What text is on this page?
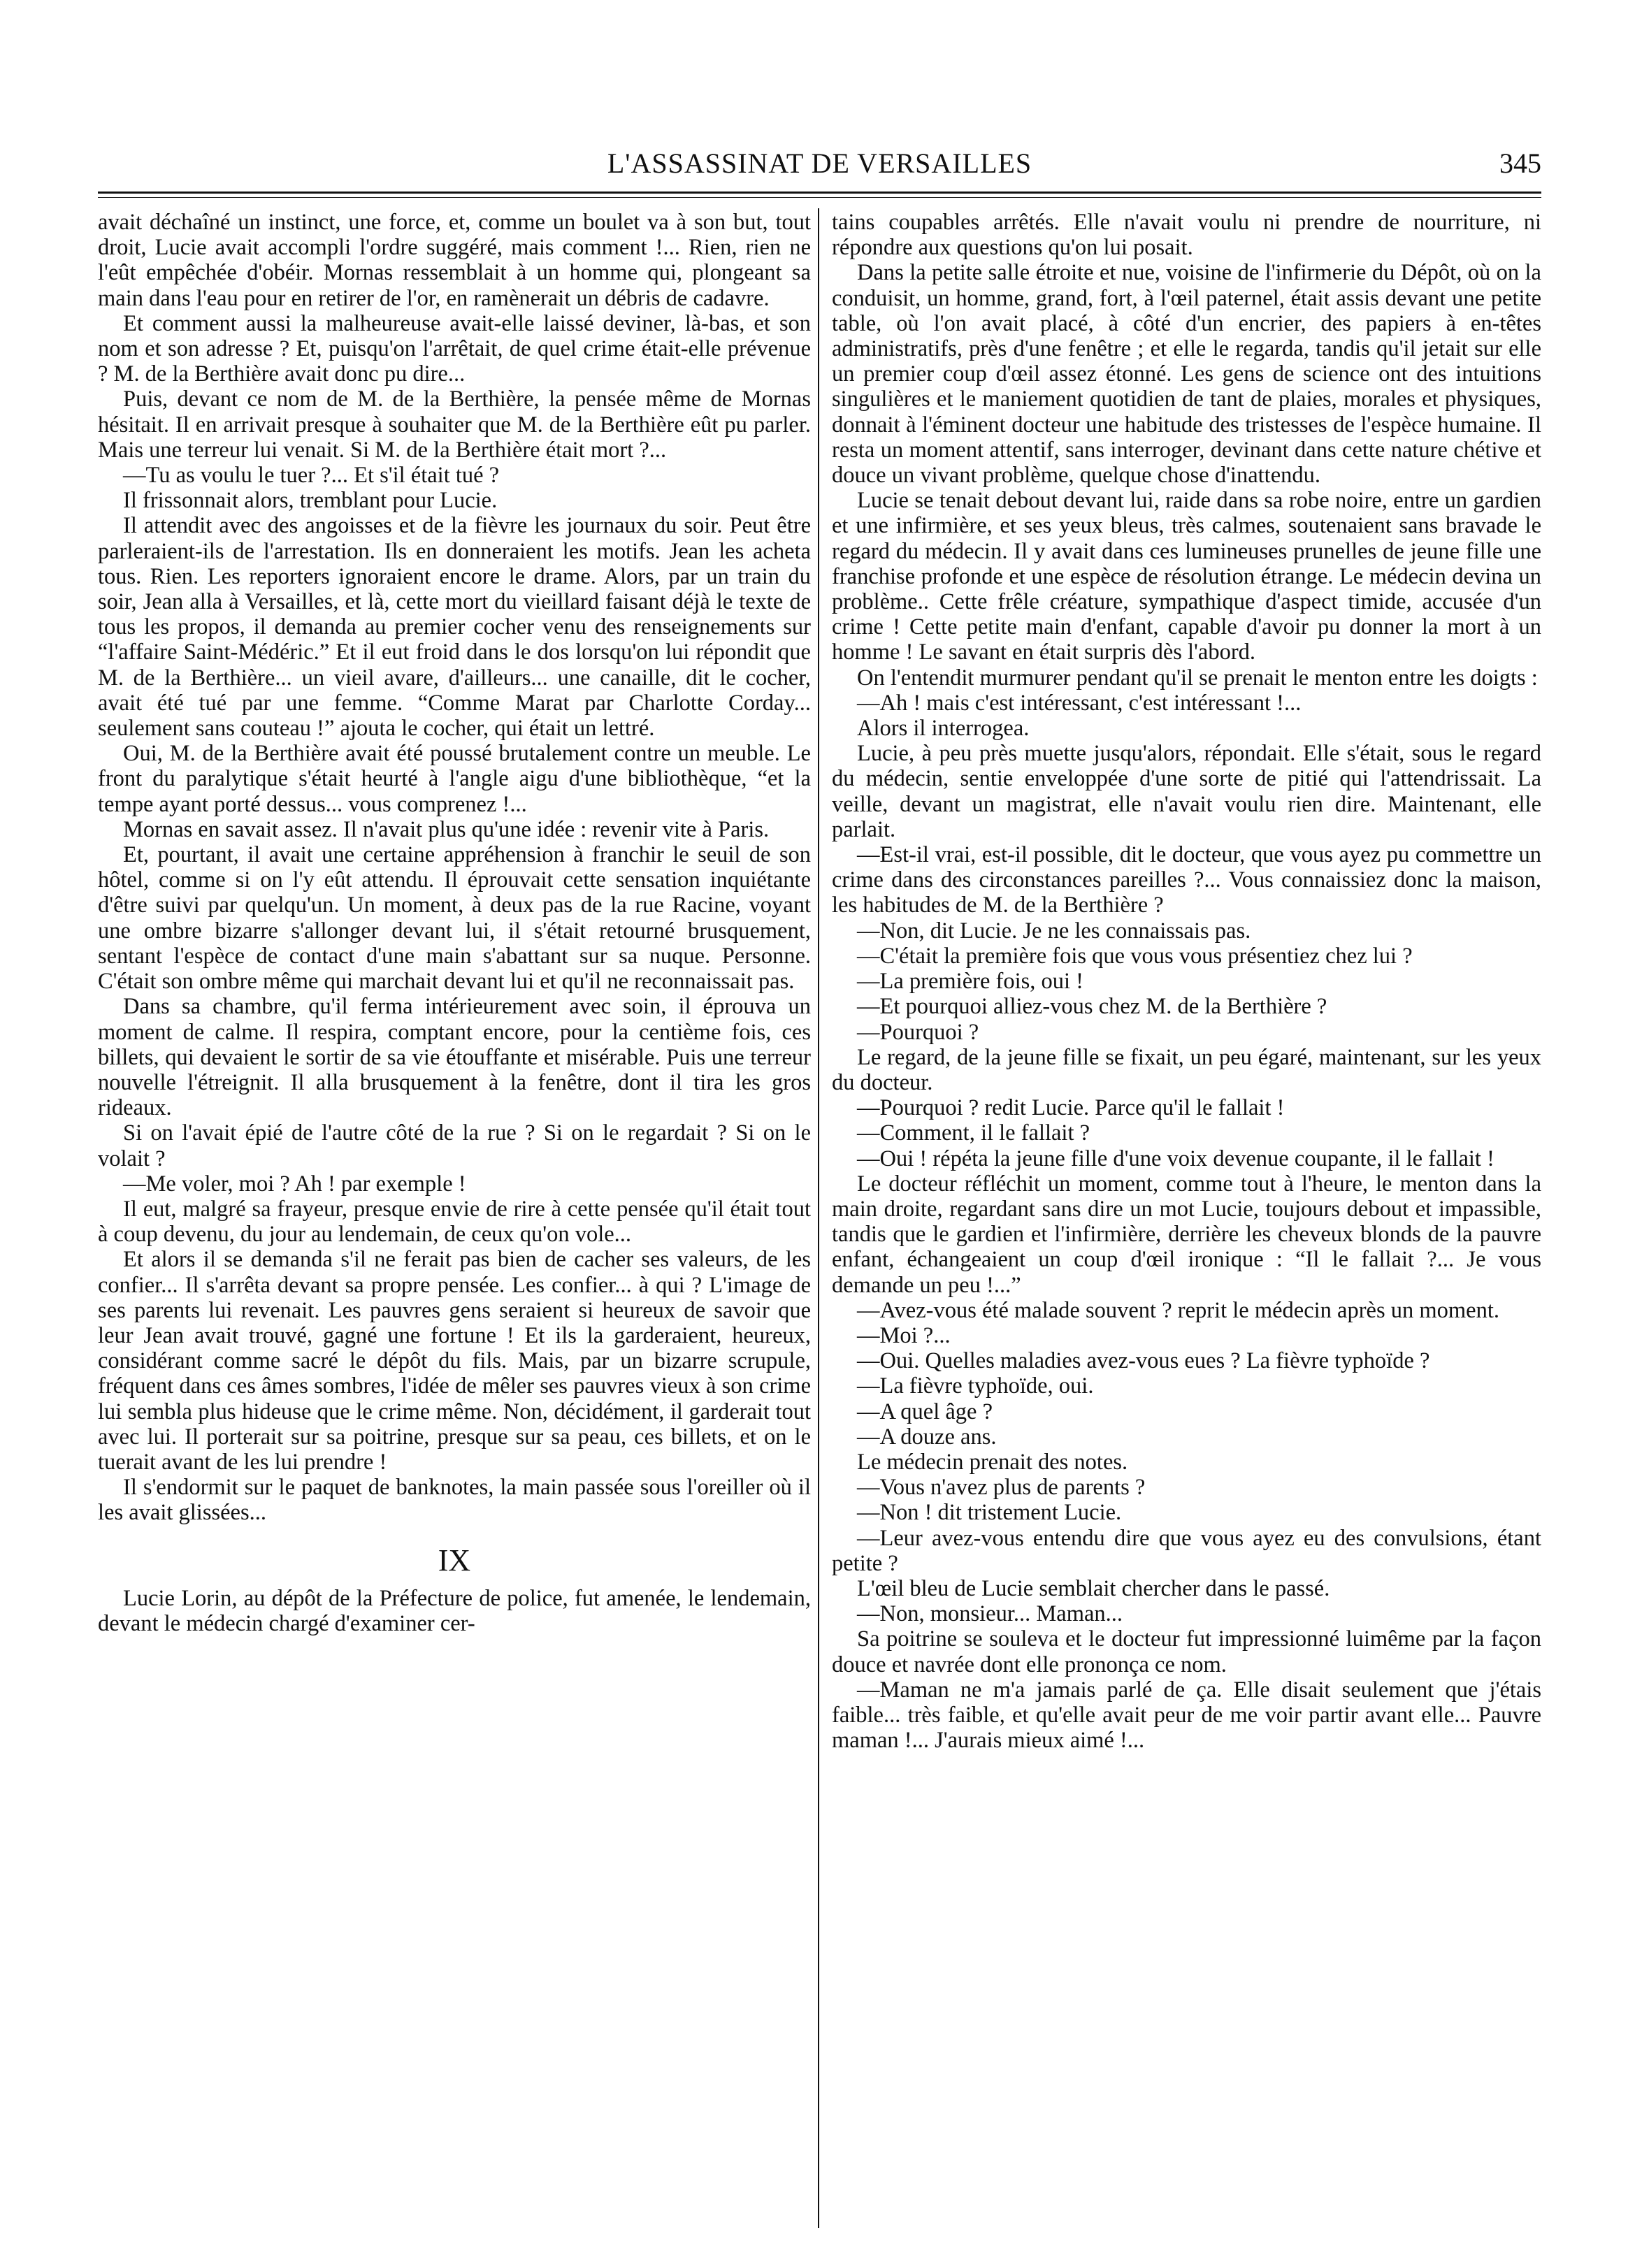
L'ASSASSINAT DE VERSAILLES	345

avait déchaîné un instinct, une force, et, comme un boulet va à son but, tout droit, Lucie avait accompli l'ordre suggéré, mais comment !... Rien, rien ne l'eût empêchée d'obéir. Mornas ressemblait à un homme qui, plongeant sa main dans l'eau pour en retirer de l'or, en ramènerait un débris de cadavre.

Et comment aussi la malheureuse avait-elle laissé deviner, là-bas, et son nom et son adresse ? Et, puisqu'on l'arrêtait, de quel crime était-elle prévenue ? M. de la Berthière avait donc pu dire...

Puis, devant ce nom de M. de la Berthière, la pensée même de Mornas hésitait. Il en arrivait presque à souhaiter que M. de la Berthière eût pu parler. Mais une terreur lui venait. Si M. de la Berthière était mort ?...

—Tu as voulu le tuer ?... Et s'il était tué ?

Il frissonnait alors, tremblant pour Lucie.

Il attendit avec des angoisses et de la fièvre les journaux du soir. Peut être parleraient-ils de l'arrestation. Ils en donneraient les motifs. Jean les acheta tous. Rien. Les reporters ignoraient encore le drame. Alors, par un train du soir, Jean alla à Versailles, et là, cette mort du vieillard faisant déjà le texte de tous les propos, il demanda au premier cocher venu des renseignements sur “l'affaire Saint-Médéric.” Et il eut froid dans le dos lorsqu'on lui répondit que M. de la Berthière... un vieil avare, d'ailleurs... une canaille, dit le cocher, avait été tué par une femme. “Comme Marat par Charlotte Corday... seulement sans couteau !” ajouta le cocher, qui était un lettré.

Oui, M. de la Berthière avait été poussé brutalement contre un meuble. Le front du paralytique s'était heurté à l'angle aigu d'une bibliothèque, “et la tempe ayant porté dessus... vous comprenez !...

Mornas en savait assez. Il n'avait plus qu'une idée : revenir vite à Paris.

Et, pourtant, il avait une certaine appréhension à franchir le seuil de son hôtel, comme si on l'y eût attendu. Il éprouvait cette sensation inquiétante d'être suivi par quelqu'un. Un moment, à deux pas de la rue Racine, voyant une ombre bizarre s'allonger devant lui, il s'était retourné brusquement, sentant l'espèce de contact d'une main s'abattant sur sa nuque. Personne. C'était son ombre même qui marchait devant lui et qu'il ne reconnaissait pas.

Dans sa chambre, qu'il ferma intérieurement avec soin, il éprouva un moment de calme. Il respira, comptant encore, pour la centième fois, ces billets, qui devaient le sortir de sa vie étouffante et misérable. Puis une terreur nouvelle l'étreignit. Il alla brusquement à la fenêtre, dont il tira les gros rideaux.

Si on l'avait épié de l'autre côté de la rue ? Si on le regardait ? Si on le volait ?

—Me voler, moi ? Ah ! par exemple !

Il eut, malgré sa frayeur, presque envie de rire à cette pensée qu'il était tout à coup devenu, du jour au lendemain, de ceux qu'on vole...

Et alors il se demanda s'il ne ferait pas bien de cacher ses valeurs, de les confier... Il s'arrêta devant sa propre pensée. Les confier... à qui ? L'image de ses parents lui revenait. Les pauvres gens seraient si heureux de savoir que leur Jean avait trouvé, gagné une fortune ! Et ils la garderaient, heureux, considérant comme sacré le dépôt du fils. Mais, par un bizarre scrupule, fréquent dans ces âmes sombres, l'idée de mêler ses pauvres vieux à son crime lui sembla plus hideuse que le crime même. Non, décidément, il garderait tout avec lui. Il porterait sur sa poitrine, presque sur sa peau, ces billets, et on le tuerait avant de les lui prendre !

Il s'endormit sur le paquet de banknotes, la main passée sous l'oreiller où il les avait glissées...

IX

Lucie Lorin, au dépôt de la Préfecture de police, fut amenée, le lendemain, devant le médecin chargé d'examiner cer-

tains coupables arrêtés. Elle n'avait voulu ni prendre de nourriture, ni répondre aux questions qu'on lui posait.

Dans la petite salle étroite et nue, voisine de l'infirmerie du Dépôt, où on la conduisit, un homme, grand, fort, à l'œil paternel, était assis devant une petite table, où l'on avait placé, à côté d'un encrier, des papiers à en-têtes administratifs, près d'une fenêtre ; et elle le regarda, tandis qu'il jetait sur elle un premier coup d'œil assez étonné. Les gens de science ont des intuitions singulières et le maniement quotidien de tant de plaies, morales et physiques, donnait à l'éminent docteur une habitude des tristesses de l'espèce humaine. Il resta un moment attentif, sans interroger, devinant dans cette nature chétive et douce un vivant problème, quelque chose d'inattendu.

Lucie se tenait debout devant lui, raide dans sa robe noire, entre un gardien et une infirmière, et ses yeux bleus, très calmes, soutenaient sans bravade le regard du médecin. Il y avait dans ces lumineuses prunelles de jeune fille une franchise profonde et une espèce de résolution étrange. Le médecin devina un problème.. Cette frêle créature, sympathique d'aspect timide, accusée d'un crime ! Cette petite main d'enfant, capable d'avoir pu donner la mort à un homme ! Le savant en était surpris dès l'abord.

On l'entendit murmurer pendant qu'il se prenait le menton entre les doigts :

—Ah ! mais c'est intéressant, c'est intéressant !...

Alors il interrogea.

Lucie, à peu près muette jusqu'alors, répondait. Elle s'était, sous le regard du médecin, sentie enveloppée d'une sorte de pitié qui l'attendrissait. La veille, devant un magistrat, elle n'avait voulu rien dire. Maintenant, elle parlait.

—Est-il vrai, est-il possible, dit le docteur, que vous ayez pu commettre un crime dans des circonstances pareilles ?... Vous connaissiez donc la maison, les habitudes de M. de la Berthière ?

—Non, dit Lucie. Je ne les connaissais pas.

—C'était la première fois que vous vous présentiez chez lui ?

—La première fois, oui !

—Et pourquoi alliez-vous chez M. de la Berthière ?

—Pourquoi ?

Le regard, de la jeune fille se fixait, un peu égaré, maintenant, sur les yeux du docteur.

—Pourquoi ? redit Lucie. Parce qu'il le fallait !

—Comment, il le fallait ?

—Oui ! répéta la jeune fille d'une voix devenue coupante, il le fallait !

Le docteur réfléchit un moment, comme tout à l'heure, le menton dans la main droite, regardant sans dire un mot Lucie, toujours debout et impassible, tandis que le gardien et l'infirmière, derrière les cheveux blonds de la pauvre enfant, échangeaient un coup d'œil ironique : “Il le fallait ?... Je vous demande un peu !...”

—Avez-vous été malade souvent ? reprit le médecin après un moment.

—Moi ?...

—Oui. Quelles maladies avez-vous eues ? La fièvre typhoïde ?

—La fièvre typhoïde, oui.

—A quel âge ?

—A douze ans.

Le médecin prenait des notes.

—Vous n'avez plus de parents ?

—Non ! dit tristement Lucie.

—Leur avez-vous entendu dire que vous ayez eu des convulsions, étant petite ?

L'œil bleu de Lucie semblait chercher dans le passé.

—Non, monsieur... Maman...

Sa poitrine se souleva et le docteur fut impressionné luimême par la façon douce et navrée dont elle prononça ce nom.

—Maman ne m'a jamais parlé de ça. Elle disait seulement que j'étais faible... très faible, et qu'elle avait peur de me voir partir avant elle... Pauvre maman !... J'aurais mieux aimé !...
